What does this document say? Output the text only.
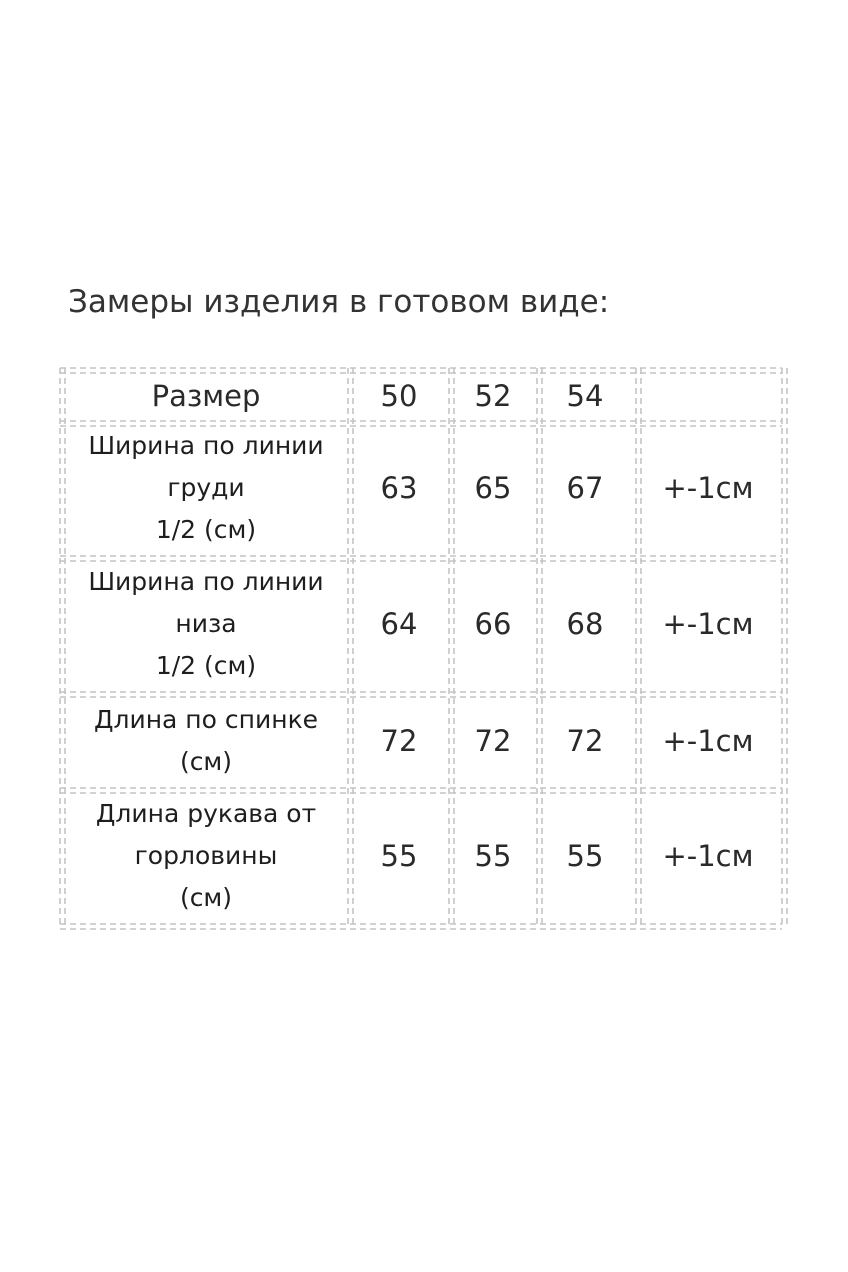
Замеры изделия в готовом виде:
Размер	50	52	54
Ширина по линии
груди
1/2 (см)
63	65	67	+-1см
Ширина по линии
низа
1/2 (см)
64	66	68	+-1см
Длина по спинке
(см)
72	72	72	+-1см
Длина рукава от
горловины
(см)
55	55	55	+-1см
